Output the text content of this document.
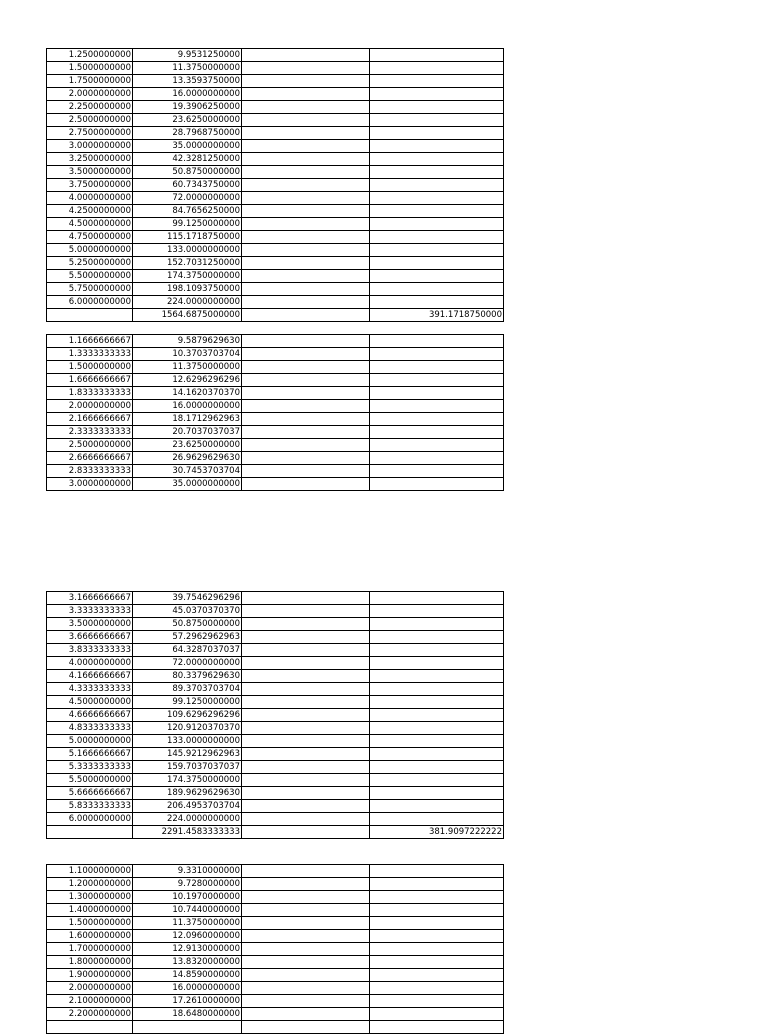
1.2500000000	9.9531250000		
1.5000000000	11.3750000000		
1.7500000000	13.3593750000		
2.0000000000	16.0000000000		
2.2500000000	19.3906250000		
2.5000000000	23.6250000000		
2.7500000000	28.7968750000		
3.0000000000	35.0000000000		
3.2500000000	42.3281250000		
3.5000000000	50.8750000000		
3.7500000000	60.7343750000		
4.0000000000	72.0000000000		
4.2500000000	84.7656250000		
4.5000000000	99.1250000000		
4.7500000000	115.1718750000		
5.0000000000	133.0000000000		
5.2500000000	152.7031250000		
5.5000000000	174.3750000000		
5.7500000000	198.1093750000		
6.0000000000	224.0000000000		
	1564.6875000000		391.1718750000
1.1666666667	9.5879629630		
1.3333333333	10.3703703704		
1.5000000000	11.3750000000		
1.6666666667	12.6296296296		
1.8333333333	14.1620370370		
2.0000000000	16.0000000000		
2.1666666667	18.1712962963		
2.3333333333	20.7037037037		
2.5000000000	23.6250000000		
2.6666666667	26.9629629630		
2.8333333333	30.7453703704		
3.0000000000	35.0000000000		
3.1666666667	39.7546296296		
3.3333333333	45.0370370370		
3.5000000000	50.8750000000		
3.6666666667	57.2962962963		
3.8333333333	64.3287037037		
4.0000000000	72.0000000000		
4.1666666667	80.3379629630		
4.3333333333	89.3703703704		
4.5000000000	99.1250000000		
4.6666666667	109.6296296296		
4.8333333333	120.9120370370		
5.0000000000	133.0000000000		
5.1666666667	145.9212962963		
5.3333333333	159.7037037037		
5.5000000000	174.3750000000		
5.6666666667	189.9629629630		
5.8333333333	206.4953703704		
6.0000000000	224.0000000000		
	2291.4583333333		381.9097222222
1.1000000000	9.3310000000		
1.2000000000	9.7280000000		
1.3000000000	10.1970000000		
1.4000000000	10.7440000000		
1.5000000000	11.3750000000		
1.6000000000	12.0960000000		
1.7000000000	12.9130000000		
1.8000000000	13.8320000000		
1.9000000000	14.8590000000		
2.0000000000	16.0000000000		
2.1000000000	17.2610000000		
2.2000000000	18.6480000000		
